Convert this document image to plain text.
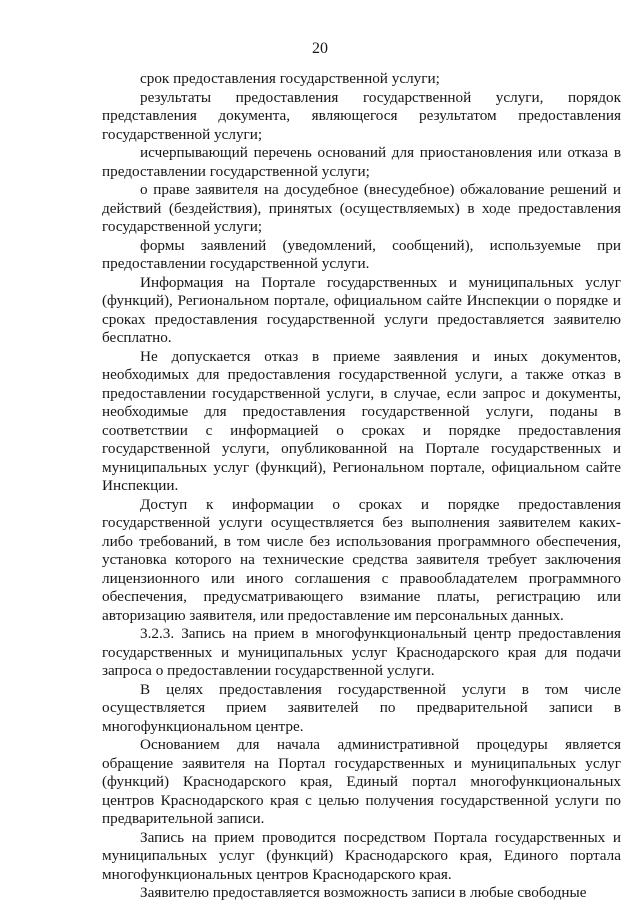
20

срок предоставления государственной услуги;

результаты предоставления государственной услуги, порядок представления документа, являющегося результатом предоставления государственной услуги;

исчерпывающий перечень оснований для приостановления или отказа в предоставлении государственной услуги;

о праве заявителя на досудебное (внесудебное) обжалование решений и действий (бездействия), принятых (осуществляемых) в ходе предоставления государственной услуги;

формы заявлений (уведомлений, сообщений), используемые при предоставлении государственной услуги.

Информация на Портале государственных и муниципальных услуг (функций), Региональном портале, официальном сайте Инспекции о порядке и сроках предоставления государственной услуги предоставляется заявителю бесплатно.

Не допускается отказ в приеме заявления и иных документов, необходимых для предоставления государственной услуги, а также отказ в предоставлении государственной услуги, в случае, если запрос и документы, необходимые для предоставления государственной услуги, поданы в соответствии с информацией о сроках и порядке предоставления государственной услуги, опубликованной на Портале государственных и муниципальных услуг (функций), Региональном портале, официальном сайте Инспекции.

Доступ к информации о сроках и порядке предоставления государственной услуги осуществляется без выполнения заявителем каких-либо требований, в том числе без использования программного обеспечения, установка которого на технические средства заявителя требует заключения лицензионного или иного соглашения с правообладателем программного обеспечения, предусматривающего взимание платы, регистрацию или авторизацию заявителя, или предоставление им персональных данных.

3.2.3. Запись на прием в многофункциональный центр предоставления государственных и муниципальных услуг Краснодарского края для подачи запроса о предоставлении государственной услуги.

В целях предоставления государственной услуги в том числе осуществляется прием заявителей по предварительной записи в многофункциональном центре.

Основанием для начала административной процедуры является обращение заявителя на Портал государственных и муниципальных услуг (функций) Краснодарского края, Единый портал многофункциональных центров Краснодарского края с целью получения государственной услуги по предварительной записи.

Запись на прием проводится посредством Портала государственных и муниципальных услуг (функций) Краснодарского края, Единого портала многофункциональных центров Краснодарского края.

Заявителю предоставляется возможность записи в любые свободные
